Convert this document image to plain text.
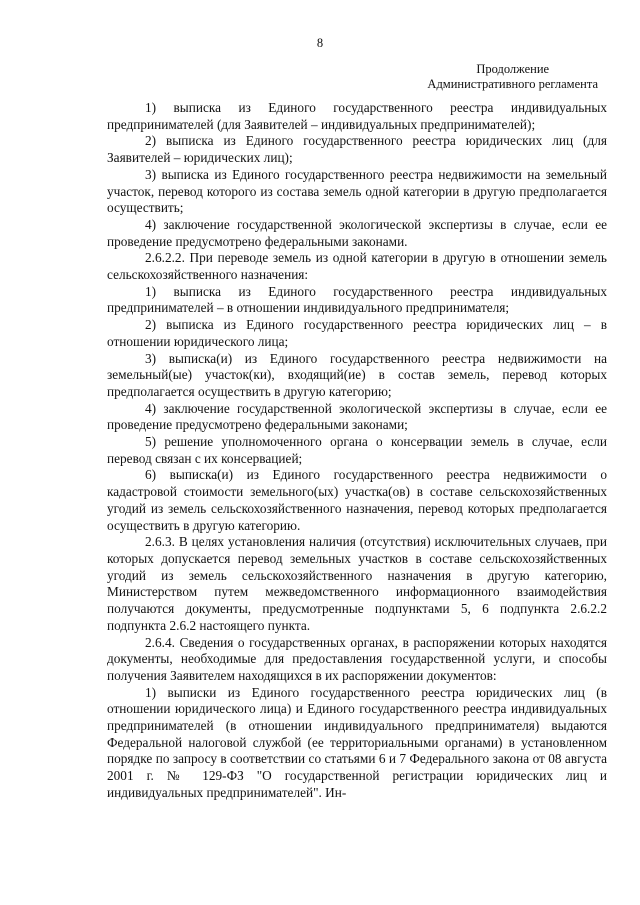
8
Продолжение
Административного регламента

1) выписка из Единого государственного реестра индивидуальных предпринимателей (для Заявителей – индивидуальных предпринимателей);

2) выписка из Единого государственного реестра юридических лиц (для Заявителей – юридических лиц);

3) выписка из Единого государственного реестра недвижимости на земельный участок, перевод которого из состава земель одной категории в другую предполагается осуществить;

4) заключение государственной экологической экспертизы в случае, если ее проведение предусмотрено федеральными законами.

2.6.2.2. При переводе земель из одной категории в другую в отношении земель сельскохозяйственного назначения:

1) выписка из Единого государственного реестра индивидуальных предпринимателей – в отношении индивидуального предпринимателя;

2) выписка из Единого государственного реестра юридических лиц – в отношении юридического лица;

3) выписка(и) из Единого государственного реестра недвижимости на земельный(ые) участок(ки), входящий(ие) в состав земель, перевод которых предполагается осуществить в другую категорию;

4) заключение государственной экологической экспертизы в случае, если ее проведение предусмотрено федеральными законами;

5) решение уполномоченного органа о консервации земель в случае, если перевод связан с их консервацией;

6) выписка(и) из Единого государственного реестра недвижимости о кадастровой стоимости земельного(ых) участка(ов) в составе сельскохозяйственных угодий из земель сельскохозяйственного назначения, перевод которых предполагается осуществить в другую категорию.

2.6.3. В целях установления наличия (отсутствия) исключительных случаев, при которых допускается перевод земельных участков в составе сельскохозяйственных угодий из земель сельскохозяйственного назначения в другую категорию, Министерством путем межведомственного информационного взаимодействия получаются документы, предусмотренные подпунктами 5, 6 подпункта 2.6.2.2 подпункта 2.6.2 настоящего пункта.

2.6.4. Сведения о государственных органах, в распоряжении которых находятся документы, необходимые для предоставления государственной услуги, и способы получения Заявителем находящихся в их распоряжении документов:

1) выписки из Единого государственного реестра юридических лиц (в отношении юридического лица) и Единого государственного реестра индивидуальных предпринимателей (в отношении индивидуального предпринимателя) выдаются Федеральной налоговой службой (ее территориальными органами) в установленном порядке по запросу в соответствии со статьями 6 и 7 Федерального закона от 08 августа 2001 г. № 129-ФЗ "О государственной регистрации юридических лиц и индивидуальных предпринимателей". Ин-
